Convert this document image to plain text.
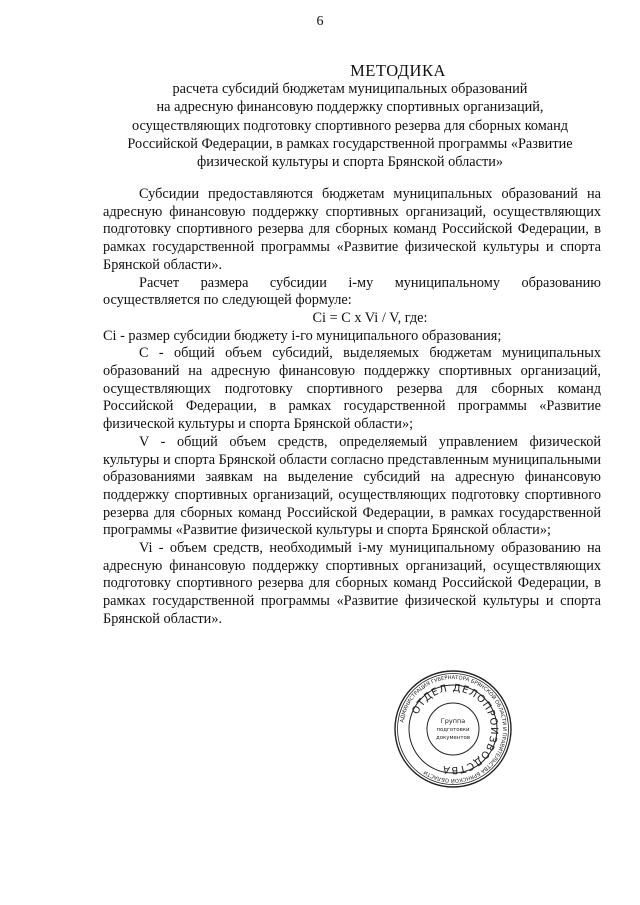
6
МЕТОДИКА
расчета субсидий бюджетам муниципальных образований
на адресную финансовую поддержку спортивных организаций,
осуществляющих подготовку спортивного резерва для сборных команд
Российской Федерации, в рамках государственной программы «Развитие
физической культуры и спорта Брянской области»

Субсидии предоставляются бюджетам муниципальных образований на адресную финансовую поддержку спортивных организаций, осуществляющих подготовку спортивного резерва для сборных команд Российской Федерации, в рамках государственной программы «Развитие физической культуры и спорта Брянской области».

Расчет размера субсидии i-му муниципальному образованию осуществляется по следующей формуле:

Ci = C x Vi / V, где:

Ci - размер субсидии бюджету i-го муниципального образования;

C - общий объем субсидий, выделяемых бюджетам муниципальных образований на адресную финансовую поддержку спортивных организаций, осуществляющих подготовку спортивного резерва для сборных команд Российской Федерации, в рамках государственной программы «Развитие физической культуры и спорта Брянской области»;

V - общий объем средств, определяемый управлением физической культуры и спорта Брянской области согласно представленным муниципальными образованиями заявкам на выделение субсидий на адресную финансовую поддержку спортивных организаций, осуществляющих подготовку спортивного резерва для сборных команд Российской Федерации, в рамках государственной программы «Развитие физической культуры и спорта Брянской области»;

Vi - объем средств, необходимый i-му муниципальному образованию на адресную финансовую поддержку спортивных организаций, осуществляющих подготовку спортивного резерва для сборных команд Российской Федерации, в рамках государственной программы «Развитие физической культуры и спорта Брянской области».

АДМИНИСТРАЦИЯ ГУБЕРНАТОРА БРЯНСКОЙ ОБЛАСТИ И ПРАВИТЕЛЬСТВА БРЯНСКОЙ ОБЛАСТИ
ОТДЕЛ ДЕЛОПРОИЗВОДСТВА
Группа
подготовки
документов
